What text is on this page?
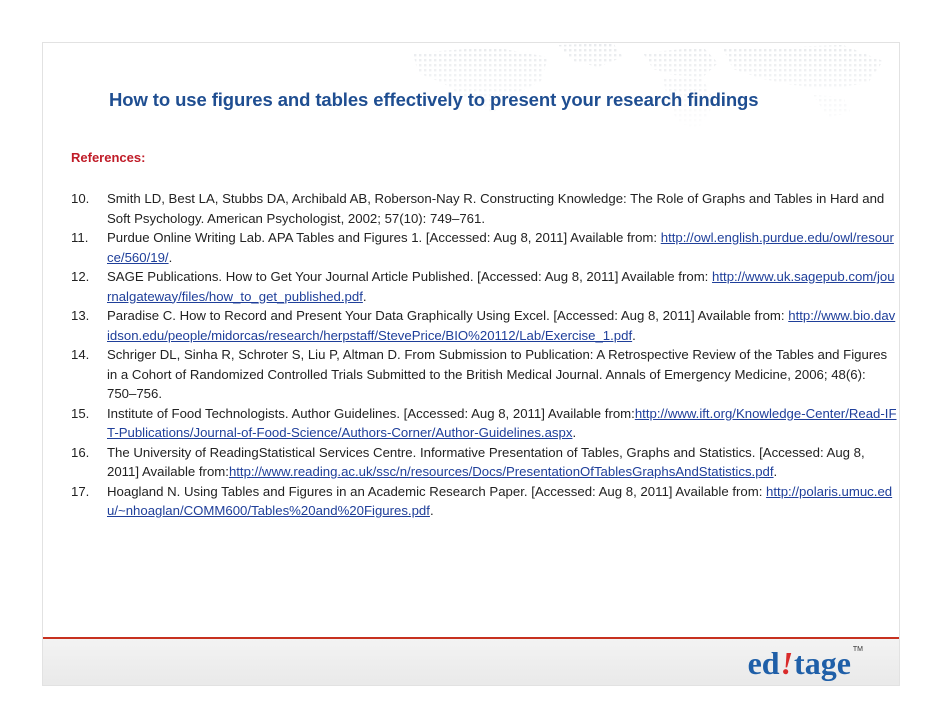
How to use figures and tables effectively to present your research findings
References:
10. Smith LD, Best LA, Stubbs DA, Archibald AB, Roberson-Nay R. Constructing Knowledge: The Role of Graphs and Tables in Hard and Soft Psychology. American Psychologist, 2002; 57(10): 749–761.
11. Purdue Online Writing Lab. APA Tables and Figures 1. [Accessed: Aug 8, 2011] Available from: http://owl.english.purdue.edu/owl/resource/560/19/.
12. SAGE Publications. How to Get Your Journal Article Published. [Accessed: Aug 8, 2011] Available from: http://www.uk.sagepub.com/journalgateway/files/how_to_get_published.pdf.
13. Paradise C. How to Record and Present Your Data Graphically Using Excel. [Accessed: Aug 8, 2011] Available from: http://www.bio.davidson.edu/people/midorcas/research/herpstaff/StevePrice/BIO%20112/Lab/Exercise_1.pdf.
14. Schriger DL, Sinha R, Schroter S, Liu P, Altman D. From Submission to Publication: A Retrospective Review of the Tables and Figures in a Cohort of Randomized Controlled Trials Submitted to the British Medical Journal. Annals of Emergency Medicine, 2006; 48(6): 750–756.
15. Institute of Food Technologists. Author Guidelines. [Accessed: Aug 8, 2011] Available from:http://www.ift.org/Knowledge-Center/Read-IFT-Publications/Journal-of-Food-Science/Authors-Corner/Author-Guidelines.aspx.
16. The University of ReadingStatistical Services Centre. Informative Presentation of Tables, Graphs and Statistics. [Accessed: Aug 8, 2011] Available from:http://www.reading.ac.uk/ssc/n/resources/Docs/PresentationOfTablesGraphsAndStatistics.pdf.
17. Hoagland N. Using Tables and Figures in an Academic Research Paper. [Accessed: Aug 8, 2011] Available from: http://polaris.umuc.edu/~nhoaglan/COMM600/Tables%20and%20Figures.pdf.
ed ! tage TM
